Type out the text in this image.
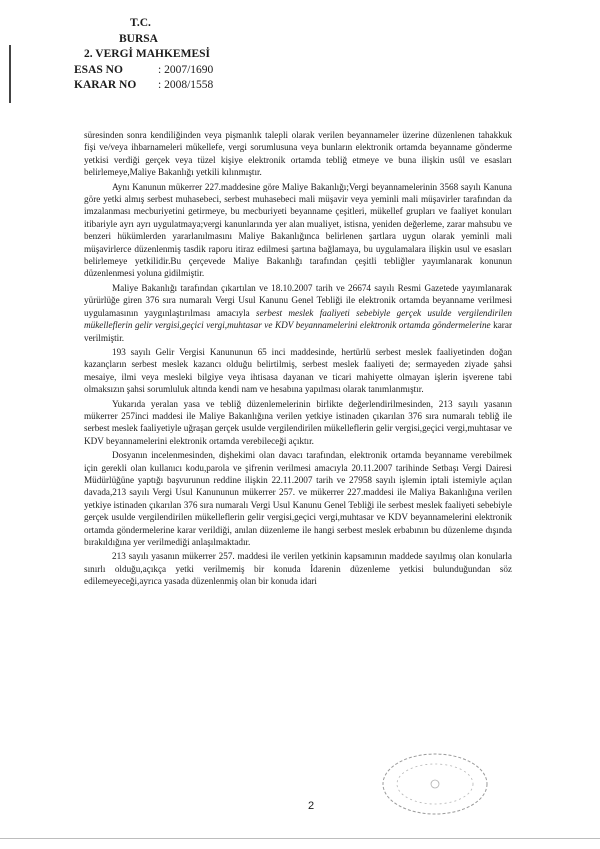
T.C.
BURSA
2. VERGİ MAHKEMESİ
ESAS NO	: 2007/1690
KARAR NO : 2008/1558

süresinden sonra kendiliğinden veya pişmanlık talepli olarak verilen beyannameler üzerine düzenlenen tahakkuk fişi ve/veya ihbarnameleri mükellefe, vergi sorumlusuna veya bunların elektronik ortamda beyanname gönderme yetkisi verdiği gerçek veya tüzel kişiye elektronik ortamda tebliğ etmeye ve buna ilişkin usûl ve esasları belirlemeye,Maliye Bakanlığı yetkili kılınmıştır.

Aynı Kanunun mükerrer 227.maddesine göre Maliye Bakanlığı;Vergi beyannamelerinin 3568 sayılı Kanuna göre yetki almış serbest muhasebeci, serbest muhasebeci mali müşavir veya yeminli mali müşavirler tarafından da imzalanması mecburiyetini getirmeye, bu mecburiyeti beyanname çeşitleri, mükellef grupları ve faaliyet konuları itibariyle ayrı ayrı uygulatmaya;vergi kanunlarında yer alan mualiyet, istisna, yeniden değerleme, zarar mahsubu ve benzeri hükümlerden yararlanılmasını Maliye Bakanlığınca belirlenen şartlara uygun olarak yeminli mali müşavirlerce düzenlenmiş tasdik raporu itiraz edilmesi şartına bağlamaya, bu uygulamalara ilişkin usul ve esasları belirlemeye yetkilidir.Bu çerçevede Maliye Bakanlığı tarafından çeşitli tebliğler yayımlanarak konunun düzenlenmesi yoluna gidilmiştir.

Maliye Bakanlığı tarafından çıkartılan ve 18.10.2007 tarih ve 26674 sayılı Resmi Gazetede yayımlanarak yürürlüğe giren 376 sıra numaralı Vergi Usul Kanunu Genel Tebliği ile elektronik ortamda beyanname verilmesi uygulamasının yaygınlaştırılması amacıyla serbest meslek faaliyeti sebebiyle gerçek usulde vergilendirilen mükelleflerin gelir vergisi,geçici vergi,muhtasar ve KDV beyannamelerini elektronik ortamda göndermelerine karar verilmiştir.

193 sayılı Gelir Vergisi Kanununun 65 inci maddesinde, hertürlü serbest meslek faaliyetinden doğan kazançların serbest meslek kazancı olduğu belirtilmiş, serbest meslek faaliyeti de; sermayeden ziyade şahsi mesaiye, ilmi veya mesleki bilgiye veya ihtisasa dayanan ve ticari mahiyette olmayan işlerin işverene tabi olmaksızın şahsi sorumluluk altında kendi nam ve hesabına yapılması olarak tanımlanmıştır.

Yukarıda yeralan yasa ve tebliğ düzenlemelerinin birlikte değerlendirilmesinden, 213 sayılı yasanın mükerrer 257inci maddesi ile Maliye Bakanlığına verilen yetkiye istinaden çıkarılan 376 sıra numaralı tebliğ ile serbest meslek faaliyetiyle uğraşan gerçek usulde vergilendirilen mükelleflerin gelir vergisi,geçici vergi,muhtasar ve KDV beyannamelerini elektronik ortamda verebileceği açıktır.

Dosyanın incelenmesinden, dişhekimi olan davacı tarafından, elektronik ortamda beyanname verebilmek için gerekli olan kullanıcı kodu,parola ve şifrenin verilmesi amacıyla 20.11.2007 tarihinde Setbaşı Vergi Dairesi Müdürlüğüne yaptığı başvurunun reddine ilişkin 22.11.2007 tarih ve 27958 sayılı işlemin iptali istemiyle açılan davada,213 sayılı Vergi Usul Kanununun mükerrer 257. ve mükerrer 227.maddesi ile Maliya Bakanlığına verilen yetkiye istinaden çıkarılan 376 sıra numaralı Vergi Usul Kanunu Genel Tebliği ile serbest meslek faaliyeti sebebiyle gerçek usulde vergilendirilen mükelleflerin gelir vergisi,geçici vergi,muhtasar ve KDV beyannamelerini elektronik ortamda göndermelerine karar verildiği, anılan düzenleme ile hangi serbest meslek erbabının bu düzenleme dışında bırakıldığına yer verilmediği anlaşılmaktadır.

213 sayılı yasanın mükerrer 257. maddesi ile verilen yetkinin kapsamının maddede sayılmış olan konularla sınırlı olduğu,açıkça yetki verilmemiş bir konuda İdarenin düzenleme yetkisi bulunduğundan söz edilemeyeceği,ayrıca yasada düzenlenmiş olan bir konuda idari

2
